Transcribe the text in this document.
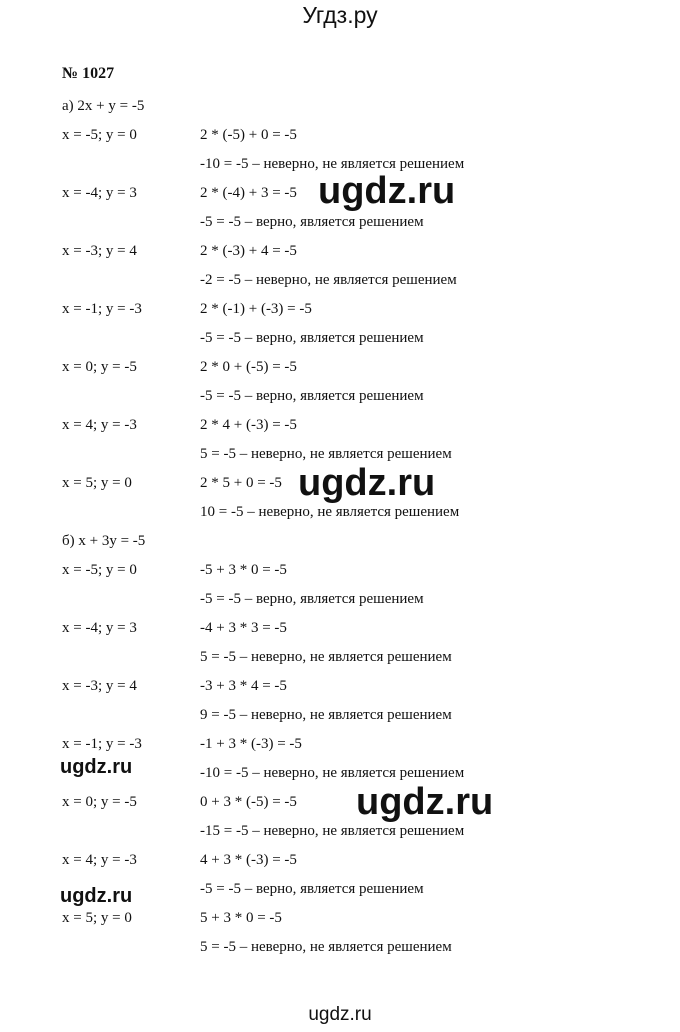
Угдз.ру
№ 1027
а) 2x + y = -5
x = -5; y = 0	2 * (-5) + 0 = -5
-10 = -5 – неверно, не является решением
x = -4; y = 3	2 * (-4) + 3 = -5
-5 = -5 – верно, является решением
x = -3; y = 4	2 * (-3) + 4 = -5
-2 = -5 – неверно, не является решением
x = -1; y = -3	2 * (-1) + (-3) = -5
-5 = -5 – верно, является решением
x = 0; y = -5	2 * 0 + (-5) = -5
-5 = -5 – верно, является решением
x = 4; y = -3	2 * 4 + (-3) = -5
5 = -5 – неверно, не является решением
x = 5; y = 0	2 * 5 + 0 = -5
10 = -5 – неверно, не является решением
б) x + 3y = -5
x = -5; y = 0	-5 + 3 * 0 = -5
-5 = -5 – верно, является решением
x = -4; y = 3	-4 + 3 * 3 = -5
5 = -5 – неверно, не является решением
x = -3; y = 4	-3 + 3 * 4 = -5
9 = -5 – неверно, не является решением
x = -1; y = -3	-1 + 3 * (-3) = -5
-10 = -5 – неверно, не является решением
x = 0; y = -5	0 + 3 * (-5) = -5
-15 = -5 – неверно, не является решением
x = 4; y = -3	4 + 3 * (-3) = -5
-5 = -5 – верно, является решением
x = 5; y = 0	5 + 3 * 0 = -5
5 = -5 – неверно, не является решением
ugdz.ru
ugdz.ru
ugdz.ru
ugdz.ru
ugdz.ru
ugdz.ru
